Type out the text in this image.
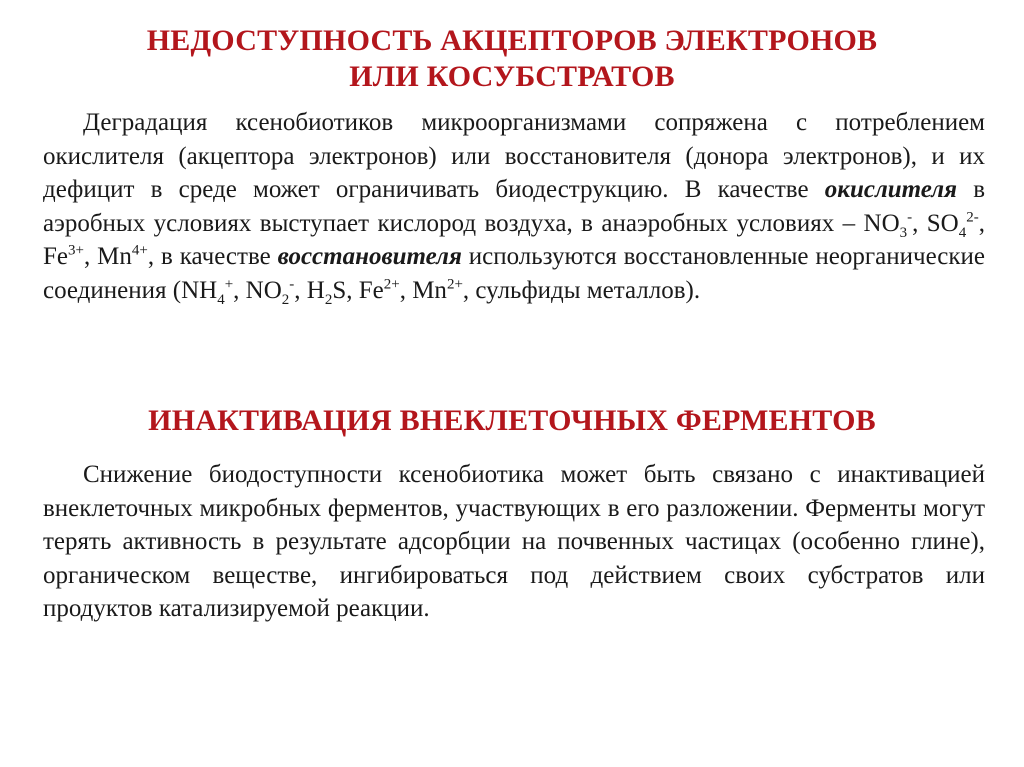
НЕДОСТУПНОСТЬ АКЦЕПТОРОВ ЭЛЕКТРОНОВ
ИЛИ КОСУБСТРАТОВ

Деградация ксенобиотиков микроорганизмами сопряжена с потреблением окислителя (акцептора электронов) или восстановителя (донора электронов), и их дефицит в среде может ограничивать биодеструкцию. В качестве окислителя в аэробных условиях выступает кислород воздуха, в анаэробных условиях – $NO_3^-$, $SO_4^{2-}$, $Fe^{3+}$, $Mn^{4+}$, в качестве восстановителя используются восстановленные неорганические соединения ($NH_4^+$, $NO_2^-$, $H_2S$, $Fe^{2+}$, $Mn^{2+}$, сульфиды металлов).

ИНАКТИВАЦИЯ ВНЕКЛЕТОЧНЫХ ФЕРМЕНТОВ

Снижение биодоступности ксенобиотика может быть связано с инактивацией внеклеточных микробных ферментов, участвующих в его разложении. Ферменты могут терять активность в результате адсорбции на почвенных частицах (особенно глине), органическом веществе, ингибироваться под действием своих субстратов или продуктов катализируемой реакции.
